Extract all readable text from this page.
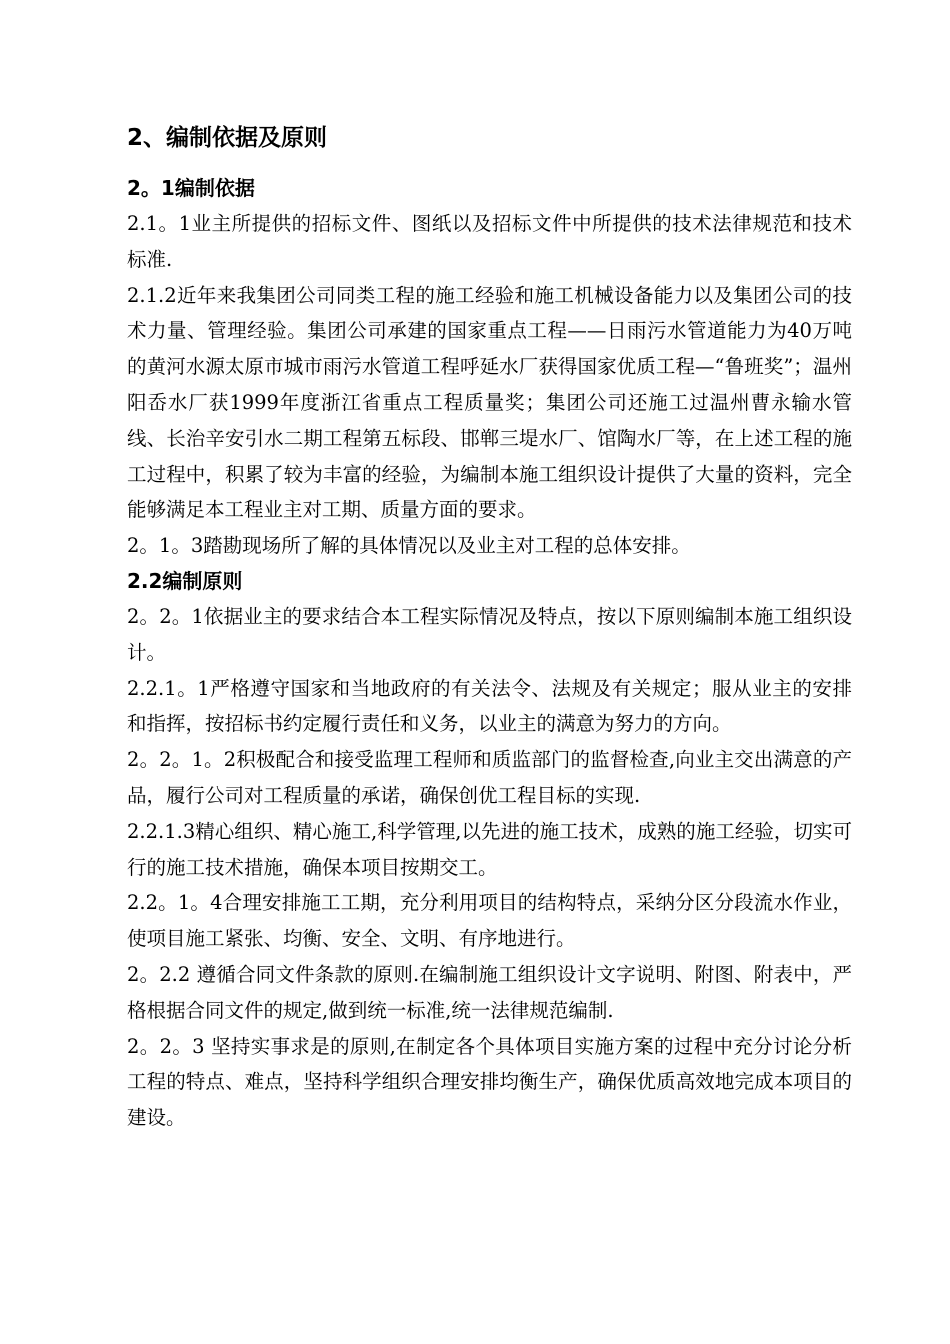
2、编制依据及原则
2。1编制依据

2.1。1业主所提供的招标文件、图纸以及招标文件中所提供的技术法律规范和技术标准.

2.1.2近年来我集团公司同类工程的施工经验和施工机械设备能力以及集团公司的技术力量、管理经验。集团公司承建的国家重点工程——日雨污水管道能力为40万吨的黄河水源太原市城市雨污水管道工程呼延水厂获得国家优质工程—“鲁班奖”；温州阳岙水厂获1999年度浙江省重点工程质量奖；集团公司还施工过温州曹永输水管线、长治辛安引水二期工程第五标段、邯郸三堤水厂、馆陶水厂等，在上述工程的施工过程中，积累了较为丰富的经验，为编制本施工组织设计提供了大量的资料，完全能够满足本工程业主对工期、质量方面的要求。

2。1。3踏勘现场所了解的具体情况以及业主对工程的总体安排。

2.2编制原则

2。2。1依据业主的要求结合本工程实际情况及特点，按以下原则编制本施工组织设计。

2.2.1。1严格遵守国家和当地政府的有关法令、法规及有关规定；服从业主的安排和指挥，按招标书约定履行责任和义务，以业主的满意为努力的方向。

2。2。1。2积极配合和接受监理工程师和质监部门的监督检查,向业主交出满意的产品，履行公司对工程质量的承诺，确保创优工程目标的实现.

2.2.1.3精心组织、精心施工,科学管理,以先进的施工技术，成熟的施工经验，切实可行的施工技术措施，确保本项目按期交工。

2.2。1。4合理安排施工工期，充分利用项目的结构特点，采纳分区分段流水作业，使项目施工紧张、均衡、安全、文明、有序地进行。

2。2.2 遵循合同文件条款的原则.在编制施工组织设计文字说明、附图、附表中，严格根据合同文件的规定,做到统一标准,统一法律规范编制.

2。2。3 坚持实事求是的原则,在制定各个具体项目实施方案的过程中充分讨论分析工程的特点、难点，坚持科学组织合理安排均衡生产，确保优质高效地完成本项目的建设。
